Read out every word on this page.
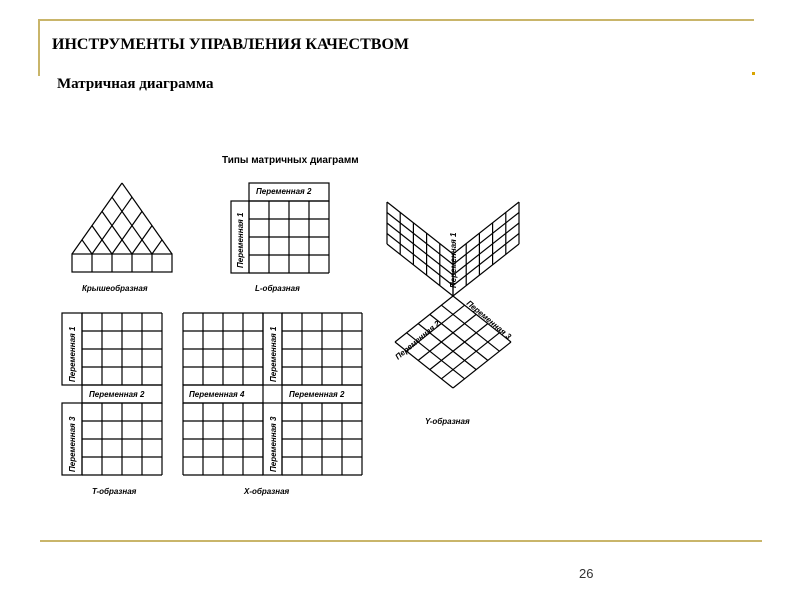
ИНСТРУМЕНТЫ УПРАВЛЕНИЯ КАЧЕСТВОМ
Матричная диаграмма
26
Типы матричных диаграмм
Крышеобразная
Переменная 2
Переменная 1
L-образная
Переменная 1
Переменная 2
Переменная 3
T-образная
Переменная 4	Переменная 2
Переменная 1
Переменная 3
X-образная
Переменная 1
Переменная 2	Переменная 3
Y-образная
